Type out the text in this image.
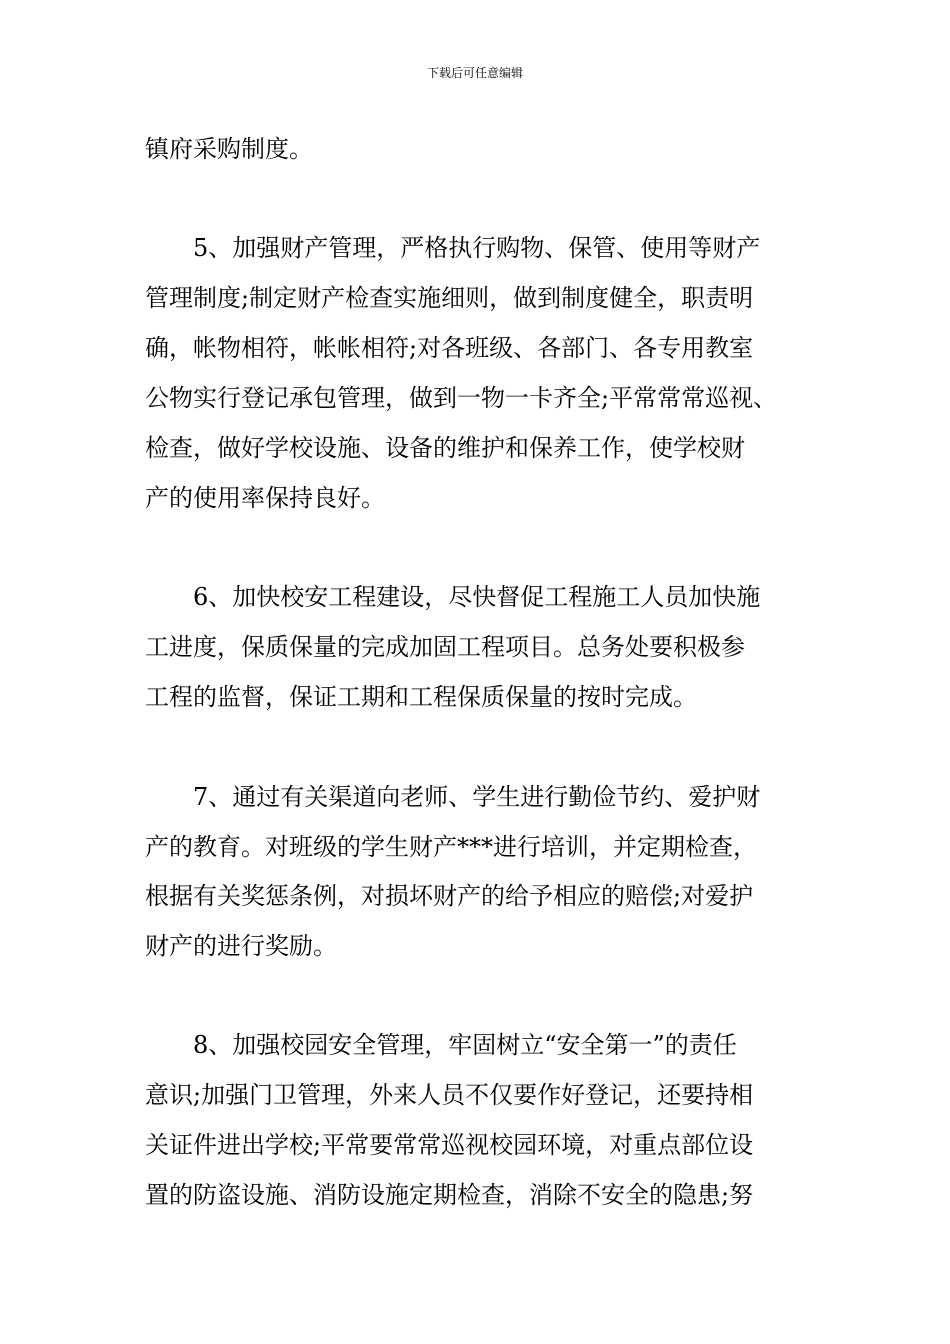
下载后可任意编辑
镇府采购制度。
5、加强财产管理，严格执行购物、保管、使用等财产
管理制度;制定财产检查实施细则，做到制度健全，职责明
确，帐物相符，帐帐相符;对各班级、各部门、各专用教室
公物实行登记承包管理，做到一物一卡齐全;平常常常巡视、
检查，做好学校设施、设备的维护和保养工作，使学校财
产的使用率保持良好。
6、加快校安工程建设，尽快督促工程施工人员加快施
工进度，保质保量的完成加固工程项目。总务处要积极参
工程的监督，保证工期和工程保质保量的按时完成。
7、通过有关渠道向老师、学生进行勤俭节约、爱护财
产的教育。对班级的学生财产***进行培训，并定期检查，
根据有关奖惩条例，对损坏财产的给予相应的赔偿;对爱护
财产的进行奖励。
8、加强校园安全管理，牢固树立“安全第一”的责任
意识;加强门卫管理，外来人员不仅要作好登记，还要持相
关证件进出学校;平常要常常巡视校园环境，对重点部位设
置的防盗设施、消防设施定期检查，消除不安全的隐患;努
